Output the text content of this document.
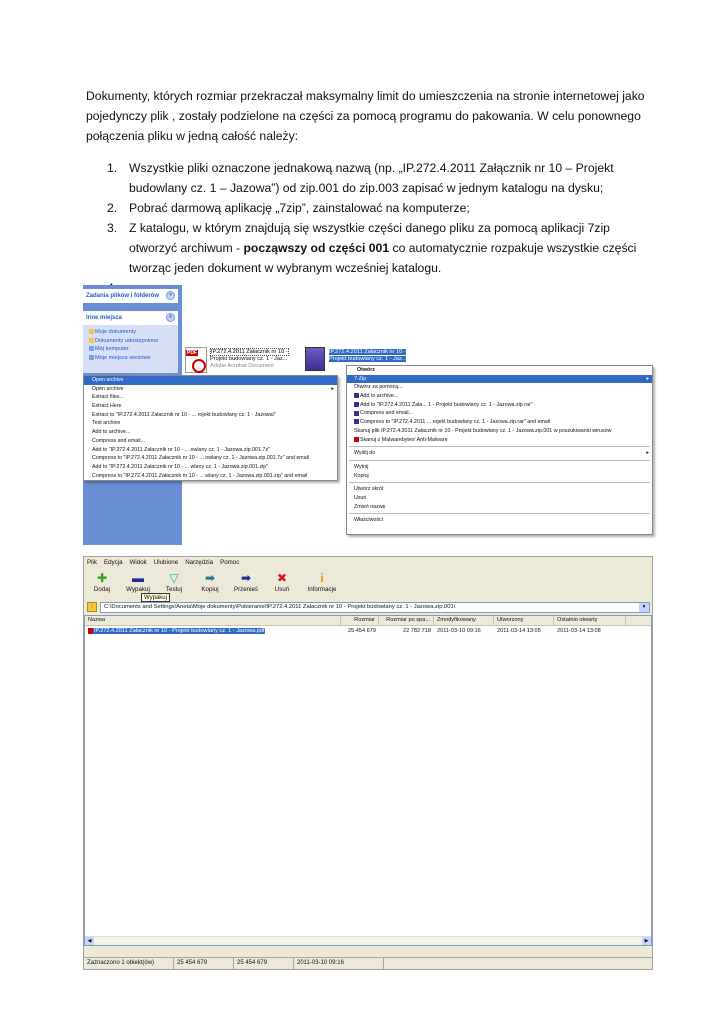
Dokumenty, których rozmiar przekraczał maksymalny limit do umieszczenia na stronie internetowej jako pojedynczy plik , zostały podzielone na części za pomocą programu do pakowania. W celu ponownego połączenia pliku w jedną całość należy:

1. Wszystkie pliki oznaczone jednakową nazwą (np. „IP.272.4.2011 Załącznik nr 10 – Projekt budowlany cz. 1 – Jazowa”) od zip.001 do zip.003 zapisać w jednym katalogu na dysku;
2. Pobrać darmową aplikację „7zip”, zainstalować na komputerze;
3. Z katalogu, w którym znajdują się wszystkie części danego pliku za pomocą aplikacji 7zip otworzyć archiwum - począwszy od części 001 co automatycznie rozpakuje wszystkie części tworząc jeden dokument w wybranym wcześniej katalogu.
Zadania plików i folderów	«
Inne miejsca	«
Moje dokumenty
Dokumenty udostępnione
Mój komputer
Moje miejsca sieciowe
PDF
IP.272.4.2011 Załacznik nr 10 -
Projekt budowlany cz. 1 - Jaz...
Adobe Acrobat Document
IP.272.4.2011 Załacznik nr 10 -
Projekt budowlany cz. 1 - Jaz...
Open archive
Open archive	▸
Extract files...
Extract Here
Extract to "IP.272.4.2011 Załacznik nr 10 - ... rojekt budowlany cz. 1 - Jazowa\"
Test archive
Add to archive...
Compress and email...
Add to "IP.272.4.2011 Załacznik nr 10 - ... owlany cz. 1 - Jazowa.zip.001.7z"
Compress to "IP.272.4.2011 Załacznik nr 10 - ... owlany cz. 1 - Jazowa.zip.001.7z" and email
Add to "IP.272.4.2011 Załacznik nr 10 - ... wlany cz. 1 - Jazowa.zip.001.zip"
Compress to "IP.272.4.2011 Załacznik nr 10 - ... wlany cz. 1 - Jazowa.zip.001.zip" and email
Otwórz
7-Zip	▸
Otwórz za pomocą...
Add to archive...
Add to "IP.272.4.2011 Zała... 1 - Projekt budowlany cz. 1 - Jazowa.zip.rar"
Compress and email...
Compress to "IP.272.4.2011 ... rojekt budowlany cz. 1 - Jazowa.zip.rar" and email
Skanuj plik IP.272.4.2011 Załacznik nr 10 - Projekt budowlany cz. 1 - Jazowa.zip.001 w poszukiwaniu wirusów
Skanuj z Malwarebytes' Anti-Malware
Wyślij do	▸
Wytnij
Kopiuj
Utwórz skrót
Usuń
Zmień nazwę
Właściwości
Plik Edycja Widok Ulubione Narzędzia Pomoc
✚
Dodaj
▬
Wypakuj
▽
Testuj
➡
Kopiuj
➡
Przenieś
✖
Usuń
i
Informacje
Wypakuj
↑	C:\Documents and Settings\Aneta\Moje dokumenty\Pobieranie\IP.272.4.2011 Załacznik nr 10 - Projekt budowlany cz. 1 - Jazowa.zip.001\	▼
Nazwa	Rozmiar	Rozmiar po spa...	Zmodyfikowany	Utworzony	Ostatnio otwarty
IP.272.4.2011 Załacznik nr 10 - Projekt budowlany cz. 1 - Jazowa.pdf	25 454 679	22 782 718	2011-03-10 09:16	2011-03-14 13:05	2011-03-14 13:08
◀	▶
Zaznaczono 1 obiekt(ów)	25 454 679	25 454 679	2011-03-10 09:16
